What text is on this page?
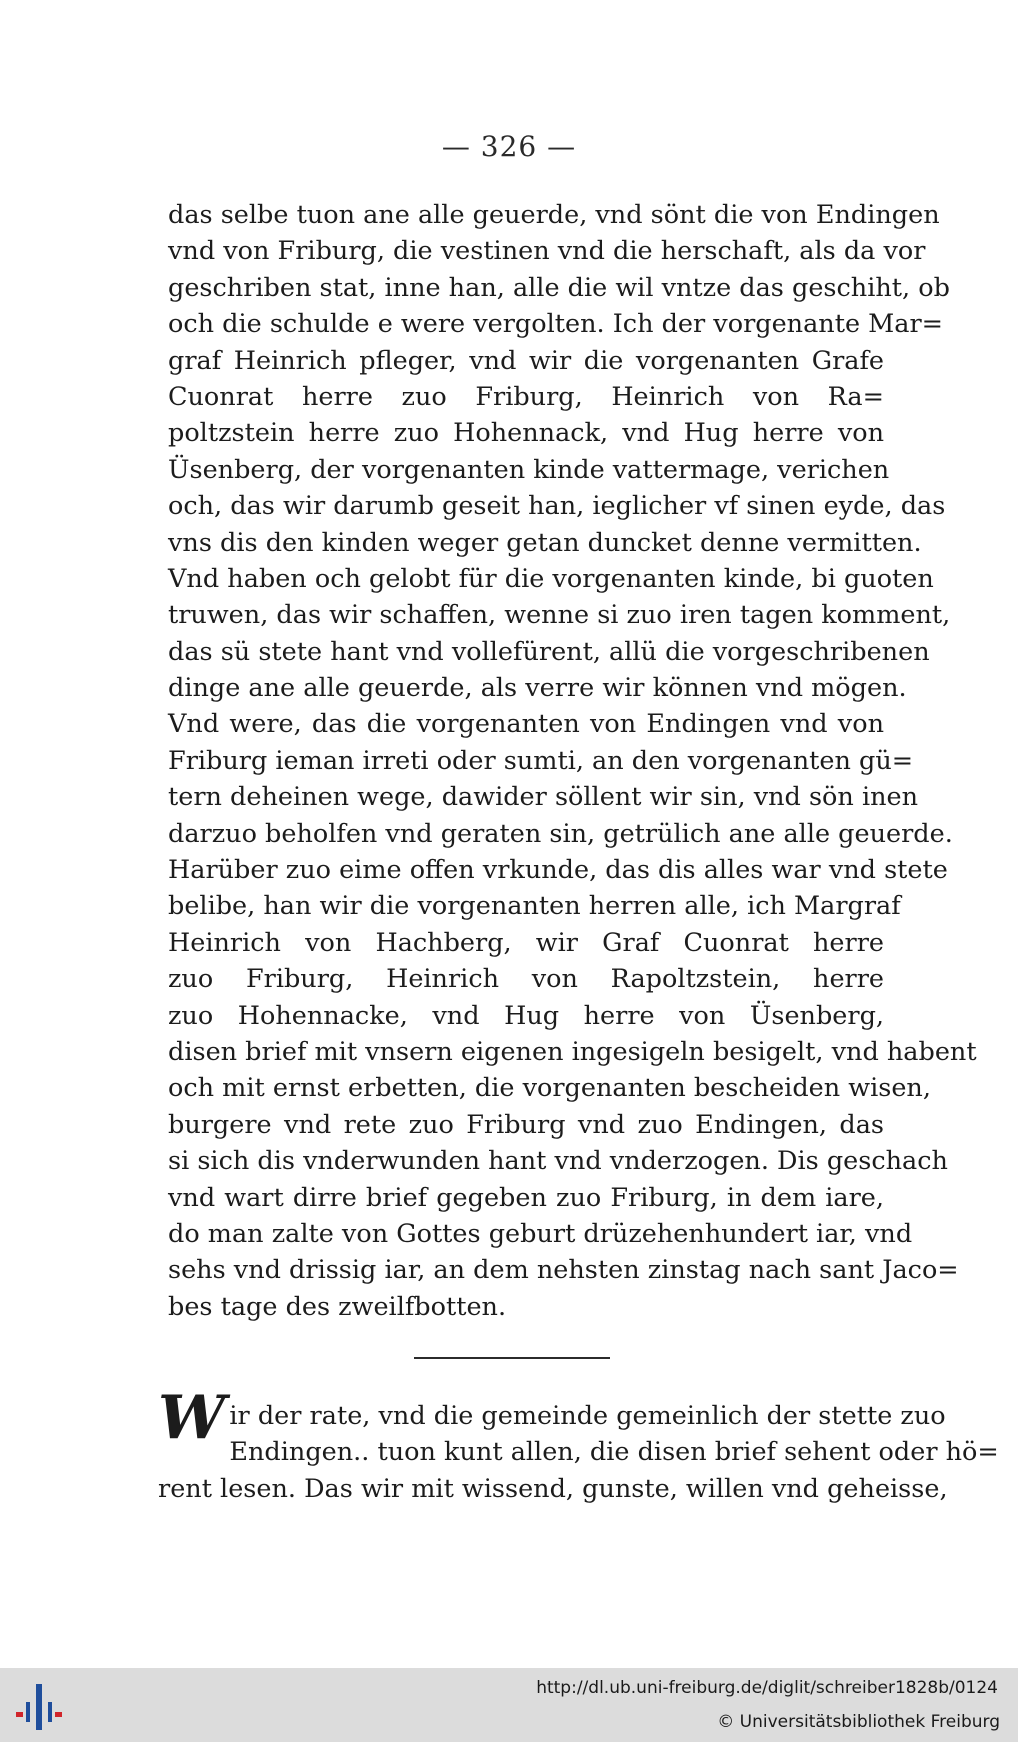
— 326 —
das selbe tuon ane alle geuerde, vnd sönt die von Endingen
vnd von Friburg, die vestinen vnd die herschaft, als da vor
geschriben stat, inne han, alle die wil vntze das geschiht, ob
och die schulde e were vergolten. Ich der vorgenante Mar=
graf Heinrich pfleger, vnd wir die vorgenanten Grafe
Cuonrat herre zuo Friburg, Heinrich von Ra=
poltzstein herre zuo Hohennack, vnd Hug herre von
Üsenberg, der vorgenanten kinde vattermage, verichen
och, das wir darumb geseit han, ieglicher vf sinen eyde, das
vns dis den kinden weger getan duncket denne vermitten.
Vnd haben och gelobt für die vorgenanten kinde, bi guoten
truwen, das wir schaffen, wenne si zuo iren tagen komment,
das sü stete hant vnd vollefürent, allü die vorgeschribenen
dinge ane alle geuerde, als verre wir können vnd mögen.
Vnd were, das die vorgenanten von Endingen vnd von
Friburg ieman irreti oder sumti, an den vorgenanten gü=
tern deheinen wege, dawider söllent wir sin, vnd sön inen
darzuo beholfen vnd geraten sin, getrülich ane alle geuerde.
Harüber zuo eime offen vrkunde, das dis alles war vnd stete
belibe, han wir die vorgenanten herren alle, ich Margraf
Heinrich von Hachberg, wir Graf Cuonrat herre
zuo Friburg, Heinrich von Rapoltzstein, herre
zuo Hohennacke, vnd Hug herre von Üsenberg,
disen brief mit vnsern eigenen ingesigeln besigelt, vnd habent
och mit ernst erbetten, die vorgenanten bescheiden wisen,
burgere vnd rete zuo Friburg vnd zuo Endingen, das
si sich dis vnderwunden hant vnd vnderzogen. Dis geschach
vnd wart dirre brief gegeben zuo Friburg, in dem iare,
do man zalte von Gottes geburt drüzehenhundert iar, vnd
sehs vnd drissig iar, an dem nehsten zinstag nach sant Jaco=
bes tage des zweilfbotten.
W ir der rate, vnd die gemeinde gemeinlich der stette zuo
Endingen.. tuon kunt allen, die disen brief sehent oder hö=
rent lesen. Das wir mit wissend, gunste, willen vnd geheisse,
http://dl.ub.uni-freiburg.de/diglit/schreiber1828b/0124
© Universitätsbibliothek Freiburg
